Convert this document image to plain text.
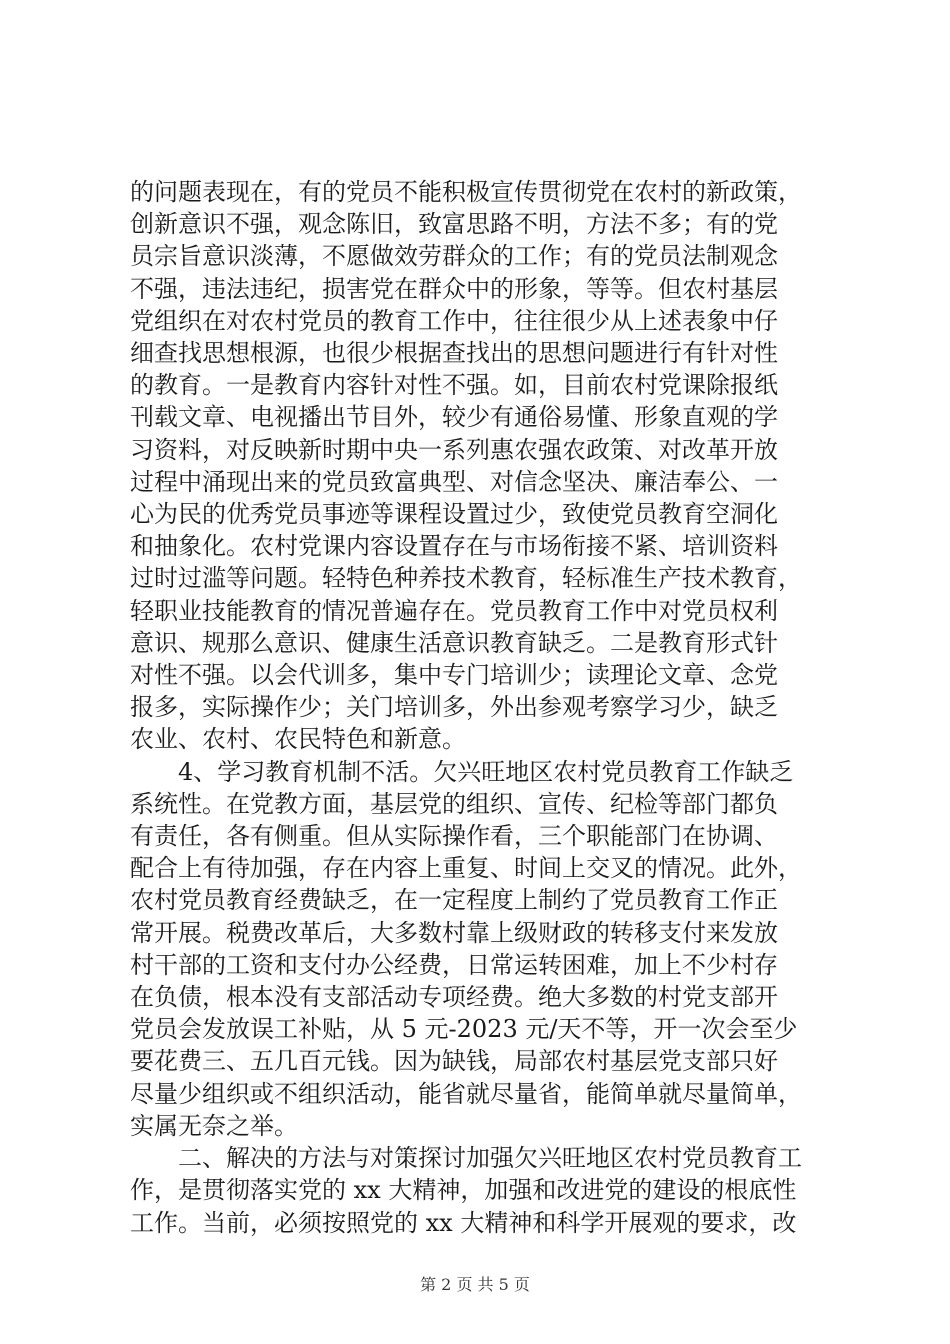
的问题表现在，有的党员不能积极宣传贯彻党在农村的新政策，
创新意识不强，观念陈旧，致富思路不明，方法不多；有的党
员宗旨意识淡薄，不愿做效劳群众的工作；有的党员法制观念
不强，违法违纪，损害党在群众中的形象，等等。但农村基层
党组织在对农村党员的教育工作中，往往很少从上述表象中仔
细查找思想根源，也很少根据查找出的思想问题进行有针对性
的教育。一是教育内容针对性不强。如，目前农村党课除报纸
刊载文章、电视播出节目外，较少有通俗易懂、形象直观的学
习资料，对反映新时期中央一系列惠农强农政策、对改革开放
过程中涌现出来的党员致富典型、对信念坚决、廉洁奉公、一
心为民的优秀党员事迹等课程设置过少，致使党员教育空洞化
和抽象化。农村党课内容设置存在与市场衔接不紧、培训资料
过时过滥等问题。轻特色种养技术教育，轻标准生产技术教育，
轻职业技能教育的情况普遍存在。党员教育工作中对党员权利
意识、规那么意识、健康生活意识教育缺乏。二是教育形式针
对性不强。以会代训多，集中专门培训少；读理论文章、念党
报多，实际操作少；关门培训多，外出参观考察学习少，缺乏
农业、农村、农民特色和新意。
4、学习教育机制不活。欠兴旺地区农村党员教育工作缺乏
系统性。在党教方面，基层党的组织、宣传、纪检等部门都负
有责任，各有侧重。但从实际操作看，三个职能部门在协调、
配合上有待加强，存在内容上重复、时间上交叉的情况。此外，
农村党员教育经费缺乏，在一定程度上制约了党员教育工作正
常开展。税费改革后，大多数村靠上级财政的转移支付来发放
村干部的工资和支付办公经费，日常运转困难，加上不少村存
在负债，根本没有支部活动专项经费。绝大多数的村党支部开
党员会发放误工补贴，从 5 元-2023 元/天不等，开一次会至少
要花费三、五几百元钱。因为缺钱，局部农村基层党支部只好
尽量少组织或不组织活动，能省就尽量省，能简单就尽量简单，
实属无奈之举。
二、解决的方法与对策探讨加强欠兴旺地区农村党员教育工
作，是贯彻落实党的 xx 大精神，加强和改进党的建设的根底性
工作。当前，必须按照党的 xx 大精神和科学开展观的要求，改
第 2 页 共 5 页
